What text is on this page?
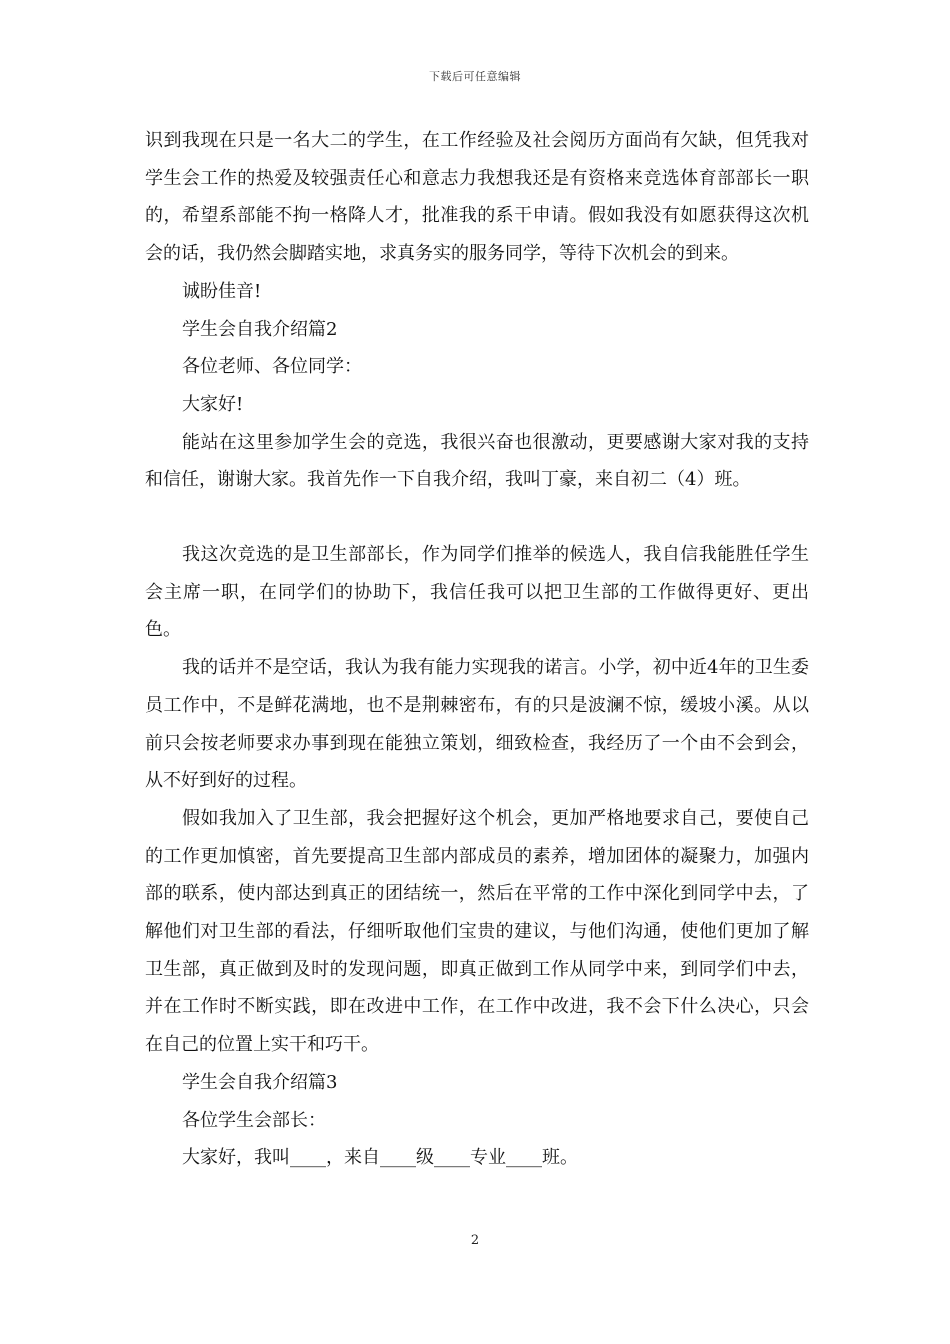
下载后可任意编辑

识到我现在只是一名大二的学生，在工作经验及社会阅历方面尚有欠缺，但凭我对学生会工作的热爱及较强责任心和意志力我想我还是有资格来竞选体育部部长一职的，希望系部能不拘一格降人才，批准我的系干申请。假如我没有如愿获得这次机会的话，我仍然会脚踏实地，求真务实的服务同学，等待下次机会的到来。

诚盼佳音!

学生会自我介绍篇2

各位老师、各位同学：

大家好!

能站在这里参加学生会的竞选，我很兴奋也很激动，更要感谢大家对我的支持和信任，谢谢大家。我首先作一下自我介绍，我叫丁豪，来自初二（4）班。

我这次竞选的是卫生部部长，作为同学们推举的候选人，我自信我能胜任学生会主席一职，在同学们的协助下，我信任我可以把卫生部的工作做得更好、更出色。

我的话并不是空话，我认为我有能力实现我的诺言。小学，初中近4年的卫生委员工作中，不是鲜花满地，也不是荆棘密布，有的只是波澜不惊，缓坡小溪。从以前只会按老师要求办事到现在能独立策划，细致检查，我经历了一个由不会到会，从不好到好的过程。

假如我加入了卫生部，我会把握好这个机会，更加严格地要求自己，要使自己的工作更加慎密，首先要提高卫生部内部成员的素养，增加团体的凝聚力，加强内部的联系，使内部达到真正的团结统一，然后在平常的工作中深化到同学中去，了解他们对卫生部的看法，仔细听取他们宝贵的建议，与他们沟通，使他们更加了解卫生部，真正做到及时的发现问题，即真正做到工作从同学中来，到同学们中去，并在工作时不断实践，即在改进中工作，在工作中改进，我不会下什么决心，只会在自己的位置上实干和巧干。

学生会自我介绍篇3

各位学生会部长：

大家好，我叫____，来自____级____专业____班。

2
